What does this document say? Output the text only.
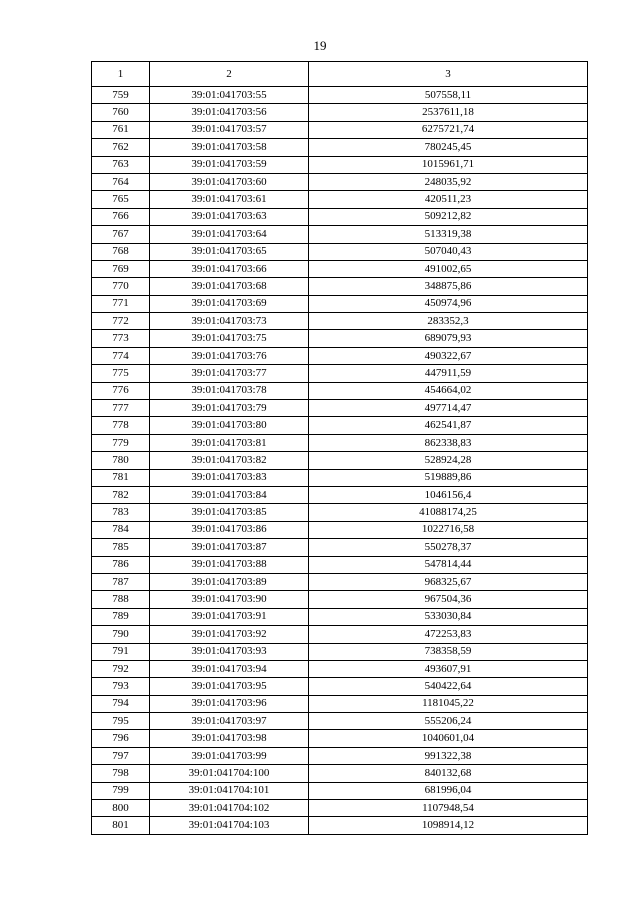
19
1	2	3
759	39:01:041703:55	507558,11
760	39:01:041703:56	2537611,18
761	39:01:041703:57	6275721,74
762	39:01:041703:58	780245,45
763	39:01:041703:59	1015961,71
764	39:01:041703:60	248035,92
765	39:01:041703:61	420511,23
766	39:01:041703:63	509212,82
767	39:01:041703:64	513319,38
768	39:01:041703:65	507040,43
769	39:01:041703:66	491002,65
770	39:01:041703:68	348875,86
771	39:01:041703:69	450974,96
772	39:01:041703:73	283352,3
773	39:01:041703:75	689079,93
774	39:01:041703:76	490322,67
775	39:01:041703:77	447911,59
776	39:01:041703:78	454664,02
777	39:01:041703:79	497714,47
778	39:01:041703:80	462541,87
779	39:01:041703:81	862338,83
780	39:01:041703:82	528924,28
781	39:01:041703:83	519889,86
782	39:01:041703:84	1046156,4
783	39:01:041703:85	41088174,25
784	39:01:041703:86	1022716,58
785	39:01:041703:87	550278,37
786	39:01:041703:88	547814,44
787	39:01:041703:89	968325,67
788	39:01:041703:90	967504,36
789	39:01:041703:91	533030,84
790	39:01:041703:92	472253,83
791	39:01:041703:93	738358,59
792	39:01:041703:94	493607,91
793	39:01:041703:95	540422,64
794	39:01:041703:96	1181045,22
795	39:01:041703:97	555206,24
796	39:01:041703:98	1040601,04
797	39:01:041703:99	991322,38
798	39:01:041704:100	840132,68
799	39:01:041704:101	681996,04
800	39:01:041704:102	1107948,54
801	39:01:041704:103	1098914,12
